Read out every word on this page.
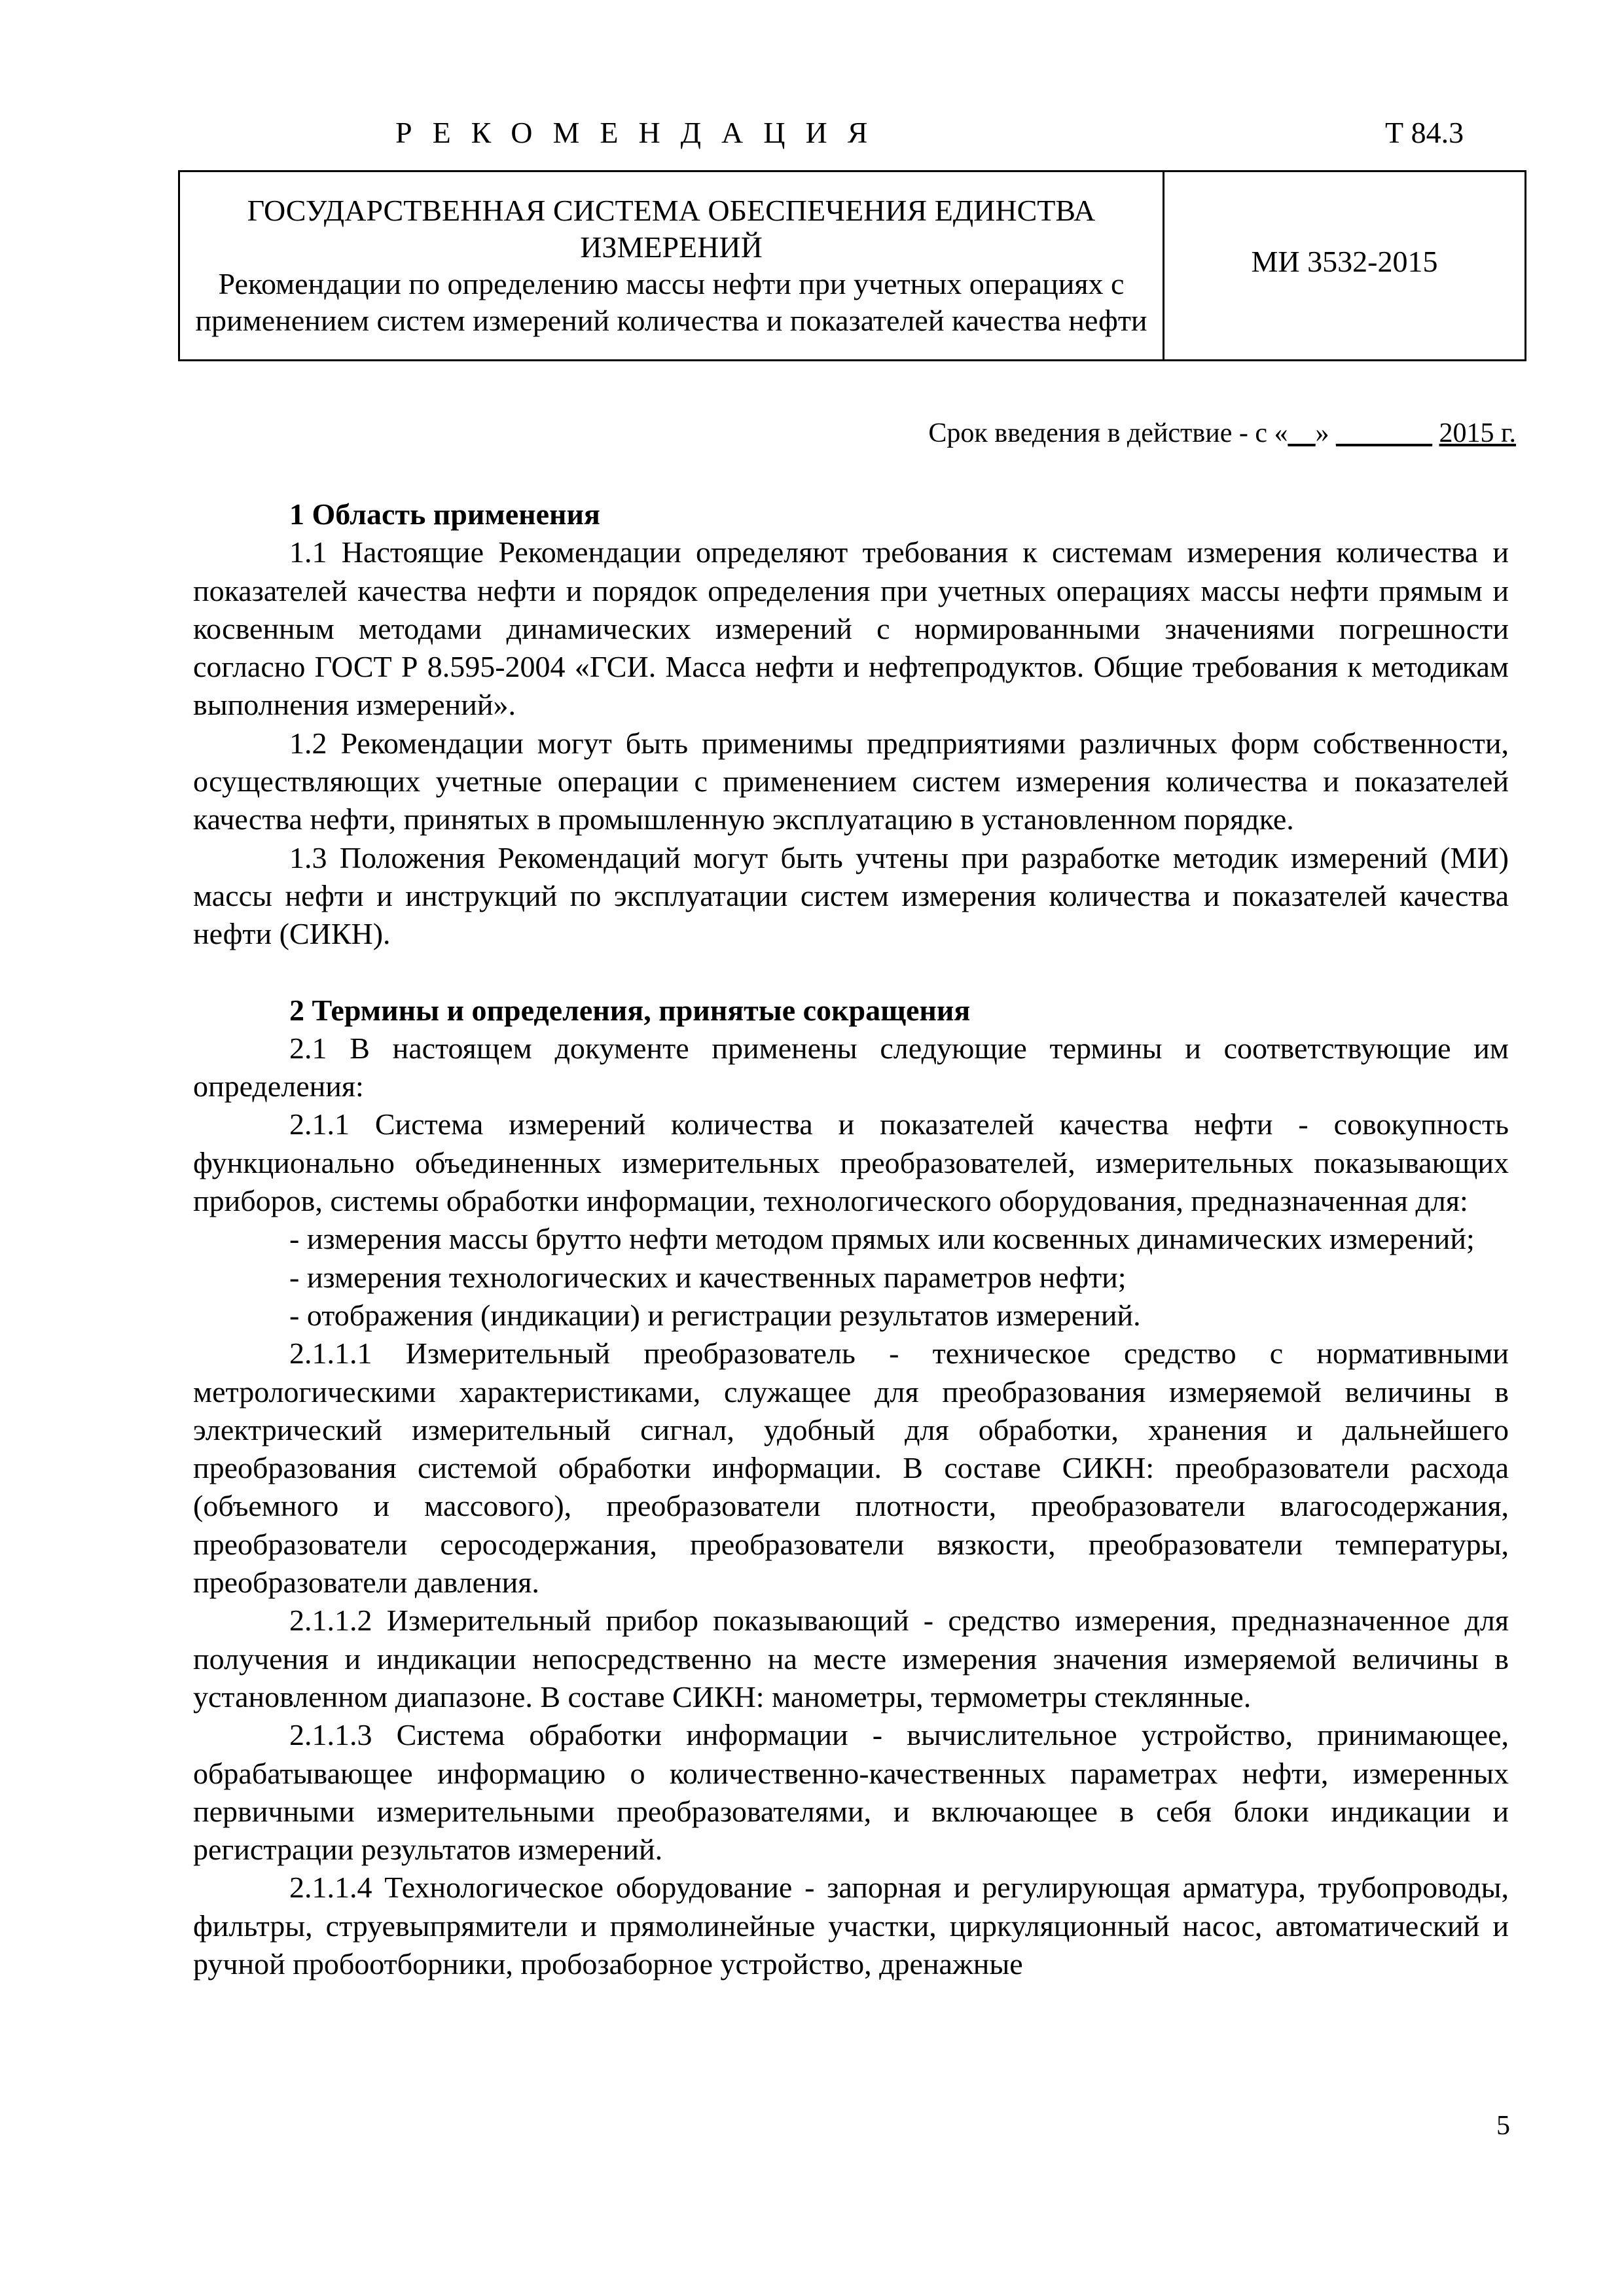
РЕКОМЕНДАЦИЯ	Т 84.3
ГОСУДАРСТВЕННАЯ СИСТЕМА ОБЕСПЕЧЕНИЯ ЕДИНСТВА
ИЗМЕРЕНИЙ
Рекомендации по определению массы нефти при учетных операциях с применением систем измерений количества и показателей качества нефти
МИ 3532-2015
Срок введения в действие - с «__» _______ 2015 г.
1 Область применения

1.1 Настоящие Рекомендации определяют требования к системам измерения количества и показателей качества нефти и порядок определения при учетных операциях массы нефти прямым и косвенным методами динамических измерений с нормированными значениями погрешности согласно ГОСТ Р 8.595-2004 «ГСИ. Масса нефти и нефтепродуктов. Общие требования к методикам выполнения измерений».

1.2 Рекомендации могут быть применимы предприятиями различных форм собственности, осуществляющих учетные операции с применением систем измерения количества и показателей качества нефти, принятых в промышленную эксплуатацию в установленном порядке.

1.3 Положения Рекомендаций могут быть учтены при разработке методик измерений (МИ) массы нефти и инструкций по эксплуатации систем измерения количества и показателей качества нефти (СИКН).

2 Термины и определения, принятые сокращения

2.1 В настоящем документе применены следующие термины и соответствующие им определения:

2.1.1 Система измерений количества и показателей качества нефти - совокупность функционально объединенных измерительных преобразователей, измерительных показывающих приборов, системы обработки информации, технологического оборудования, предназначенная для:

- измерения массы брутто нефти методом прямых или косвенных динамических измерений;

- измерения технологических и качественных параметров нефти;

- отображения (индикации) и регистрации результатов измерений.

2.1.1.1 Измерительный преобразователь - техническое средство с нормативными метрологическими характеристиками, служащее для преобразования измеряемой величины в электрический измерительный сигнал, удобный для обработки, хранения и дальнейшего преобразования системой обработки информации. В составе СИКН: преобразователи расхода (объемного и массового), преобразователи плотности, преобразователи влагосодержания, преобразователи серосодержания, преобразователи вязкости, преобразователи температуры, преобразователи давления.

2.1.1.2 Измерительный прибор показывающий - средство измерения, предназначенное для получения и индикации непосредственно на месте измерения значения измеряемой величины в установленном диапазоне. В составе СИКН: манометры, термометры стеклянные.

2.1.1.3 Система обработки информации - вычислительное устройство, принимающее, обрабатывающее информацию о количественно-качественных параметрах нефти, измеренных первичными измерительными преобразователями, и включающее в себя блоки индикации и регистрации результатов измерений.

2.1.1.4 Технологическое оборудование - запорная и регулирующая арматура, трубопроводы, фильтры, струевыпрямители и прямолинейные участки, циркуляционный насос, автоматический и ручной пробоотборники, пробозаборное устройство, дренажные

5
